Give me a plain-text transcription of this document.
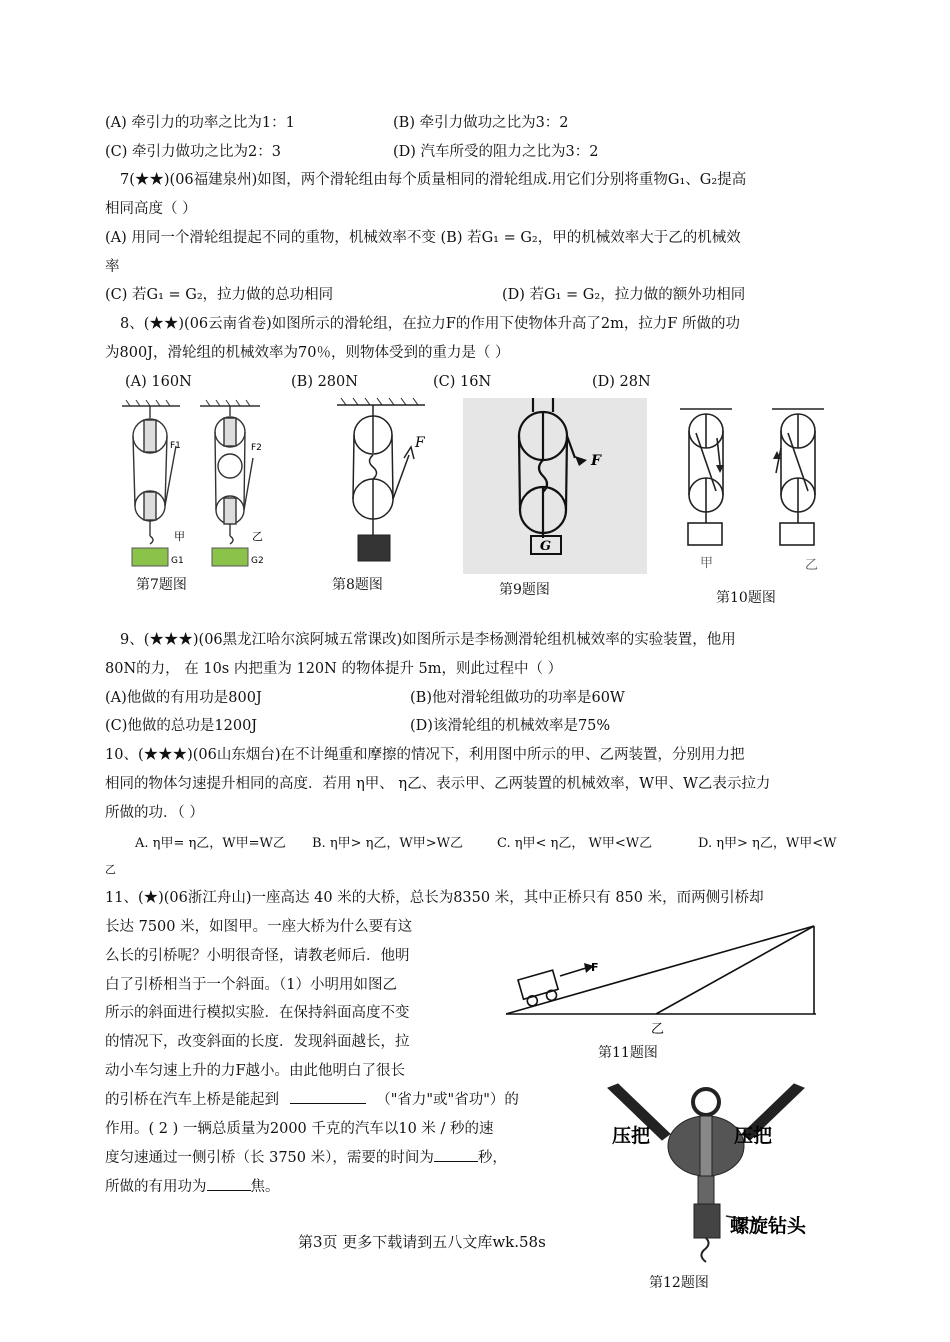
(A) 牵引力的功率之比为1：1	(B) 牵引力做功之比为3：2
(C) 牵引力做功之比为2：3	(D) 汽车所受的阻力之比为3：2
7(★★)(06福建泉州)如图，两个滑轮组由每个质量相同的滑轮组成.用它们分别将重物G₁、G₂提高
相同高度（ ）
(A) 用同一个滑轮组提起不同的重物，机械效率不变 (B) 若G₁ = G₂，甲的机械效率大于乙的机械效
率
(C) 若G₁ = G₂，拉力做的总功相同	(D) 若G₁ = G₂，拉力做的额外功相同
8、(★★)(06云南省卷)如图所示的滑轮组，在拉力F的作用下使物体升高了2m，拉力F 所做的功
为800J，滑轮组的机械效率为70％，则物体受到的重力是（ ）
(A) 160N	(B) 280N	(C) 16N	(D) 28N
F1	F2
甲	乙
G1	G2
第7题图
F
第8题图
F
G
第9题图
甲	乙
第10题图
9、(★★★)(06黑龙江哈尔滨阿城五常课改)如图所示是李杨测滑轮组机械效率的实验装置，他用
80N的力， 在 10s 内把重为 120N 的物体提升 5m，则此过程中（ ）
(A)他做的有用功是800J	(B)他对滑轮组做功的功率是60W
(C)他做的总功是1200J	(D)该滑轮组的机械效率是75%
10、(★★★)(06山东烟台)在不计绳重和摩擦的情况下，利用图中所示的甲、乙两装置，分别用力把
相同的物体匀速提升相同的高度．若用 η甲、 η乙、表示甲、乙两装置的机械效率，W甲、W乙表示拉力
所做的功．（ ）
A. η甲= η乙，W甲=W乙 B. η甲> η乙，W甲>W乙	C. η甲< η乙， W甲<W乙	D. η甲> η乙，W甲<W
乙
11、(★)(06浙江舟山)一座高达 40 米的大桥，总长为8350 米，其中正桥只有 850 米，而两侧引桥却
长达 7500 米，如图甲。一座大桥为什么要有这
么长的引桥呢？小明很奇怪，请教老师后．他明
白了引桥相当于一个斜面。（1）小明用如图乙
所示的斜面进行模拟实脸．在保持斜面高度不变
的情况下，改变斜面的长度．发现斜面越长，拉
动小车匀速上升的力F越小。由此他明白了很长
的引桥在汽车上桥是能起到	（"省力"或"省功"）的
作用。( 2 ) 一辆总质量为2000 千克的汽车以10 米 / 秒的速
度匀速通过一侧引桥（长 3750 米），需要的时间为	秒，
所做的有用功为	焦。
F
乙
第11题图
压把	压把
螺旋钻头
第12题图
第3页 更多下载请到五八文库wk.58s
